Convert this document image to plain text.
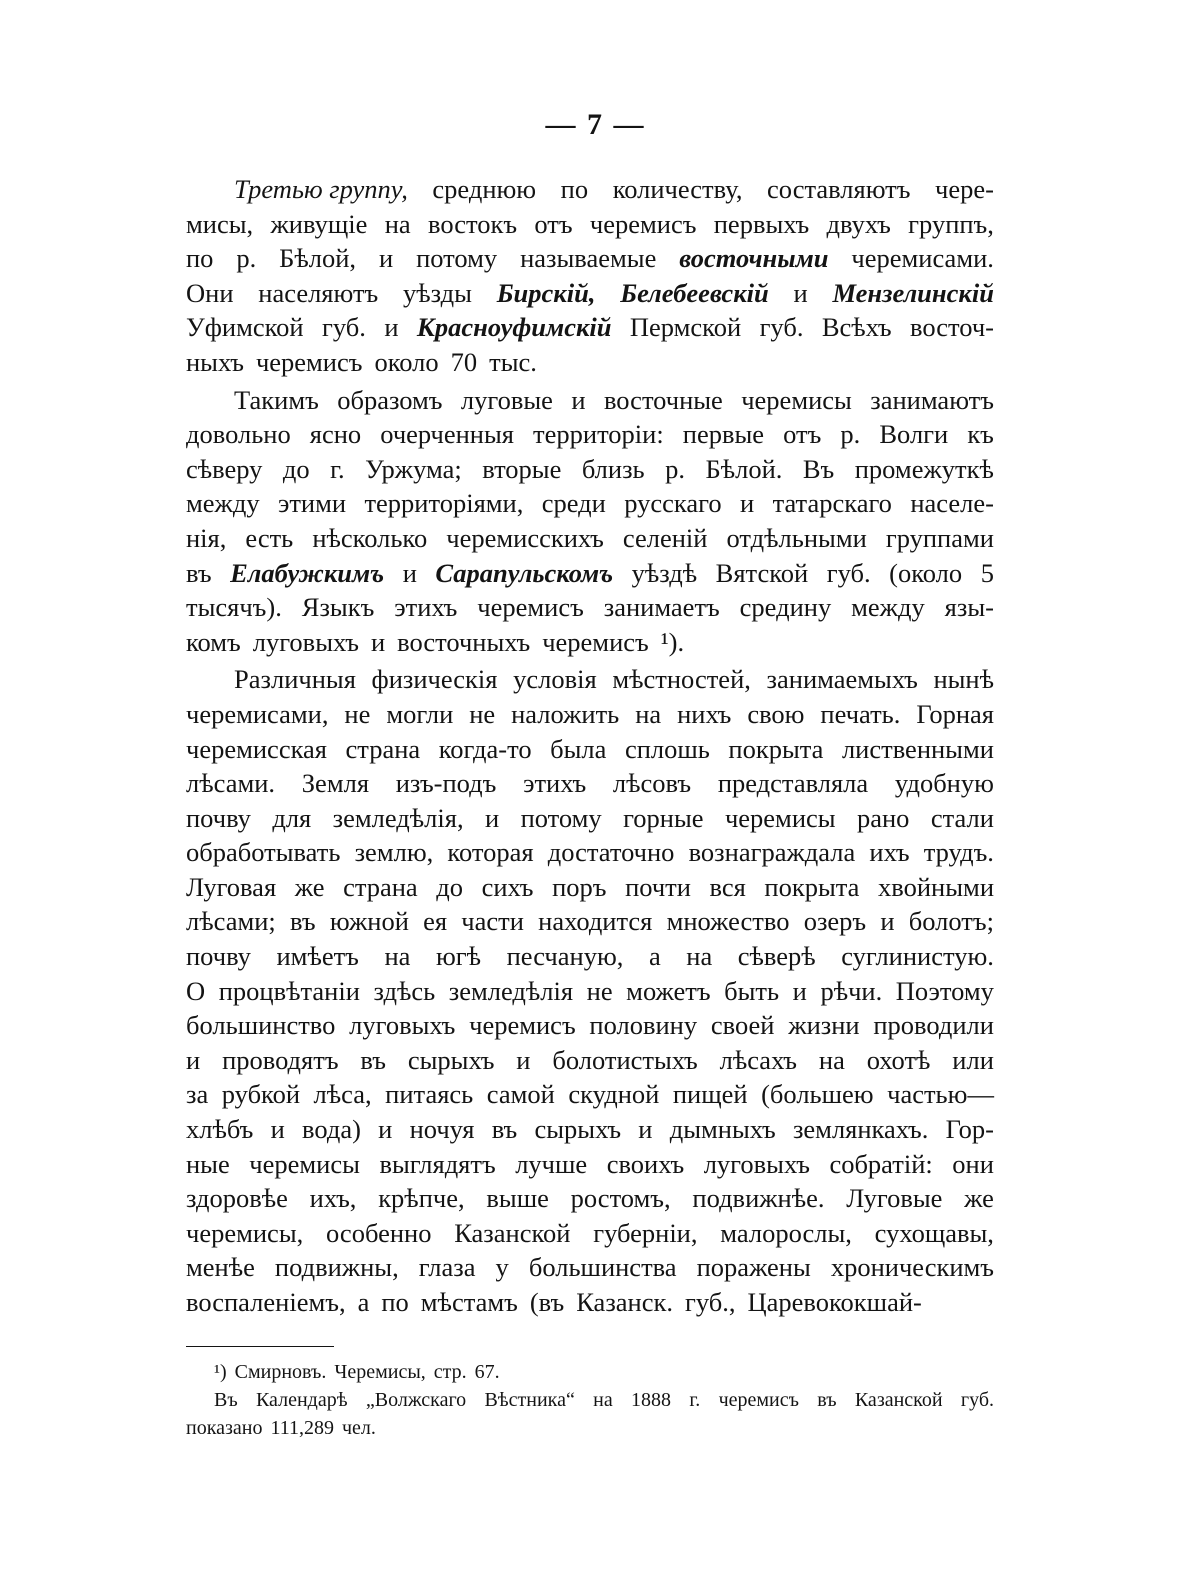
— 7 —
Третью группу, среднюю по количеству, составляютъ чере-
мисы, живущіе на востокъ отъ черемисъ первыхъ двухъ группъ,
по р. Бѣлой, и потому называемые восточными черемисами.
Они населяютъ уѣзды Бирскій, Белебеевскій и Мензелинскій
Уфимской губ. и Красноуфимскій Пермской губ. Всѣхъ восточ-
ныхъ черемисъ около 70 тыс.
Такимъ образомъ луговые и восточные черемисы занимаютъ
довольно ясно очерченныя территоріи: первые отъ р. Волги къ
сѣверу до г. Уржума; вторые близь р. Бѣлой. Въ промежуткѣ
между этими территоріями, среди русскаго и татарскаго населе-
нія, есть нѣсколько черемисскихъ селеній отдѣльными группами
въ Елабужкимъ и Сарапульскомъ уѣздѣ Вятской губ. (около 5
тысячъ). Языкъ этихъ черемисъ занимаетъ средину между язы-
комъ луговыхъ и восточныхъ черемисъ ¹).
Различныя физическія условія мѣстностей, занимаемыхъ нынѣ
черемисами, не могли не наложить на нихъ свою печать. Горная
черемисская страна когда-то была сплошь покрыта лиственными
лѣсами. Земля изъ-подъ этихъ лѣсовъ представляла удобную
почву для земледѣлія, и потому горные черемисы рано стали
обработывать землю, которая достаточно вознаграждала ихъ трудъ.
Луговая же страна до сихъ поръ почти вся покрыта хвойными
лѣсами; въ южной ея части находится множество озеръ и болотъ;
почву имѣетъ на югѣ песчаную, а на сѣверѣ суглинистую.
О процвѣтаніи здѣсь земледѣлія не можетъ быть и рѣчи. Поэтому
большинство луговыхъ черемисъ половину своей жизни проводили
и проводятъ въ сырыхъ и болотистыхъ лѣсахъ на охотѣ или
за рубкой лѣса, питаясь самой скудной пищей (большею частью—
хлѣбъ и вода) и ночуя въ сырыхъ и дымныхъ землянкахъ. Гор-
ные черемисы выглядятъ лучше своихъ луговыхъ собратій: они
здоровѣе ихъ, крѣпче, выше ростомъ, подвижнѣе. Луговые же
черемисы, особенно Казанской губерніи, малорослы, сухощавы,
менѣе подвижны, глаза у большинства поражены хроническимъ
воспаленіемъ, а по мѣстамъ (въ Казанск. губ., Царевококшай-
¹) Смирновъ. Черемисы, стр. 67.
Въ Календарѣ „Волжскаго Вѣстника“ на 1888 г. черемисъ въ Казанской губ.
показано 111,289 чел.
